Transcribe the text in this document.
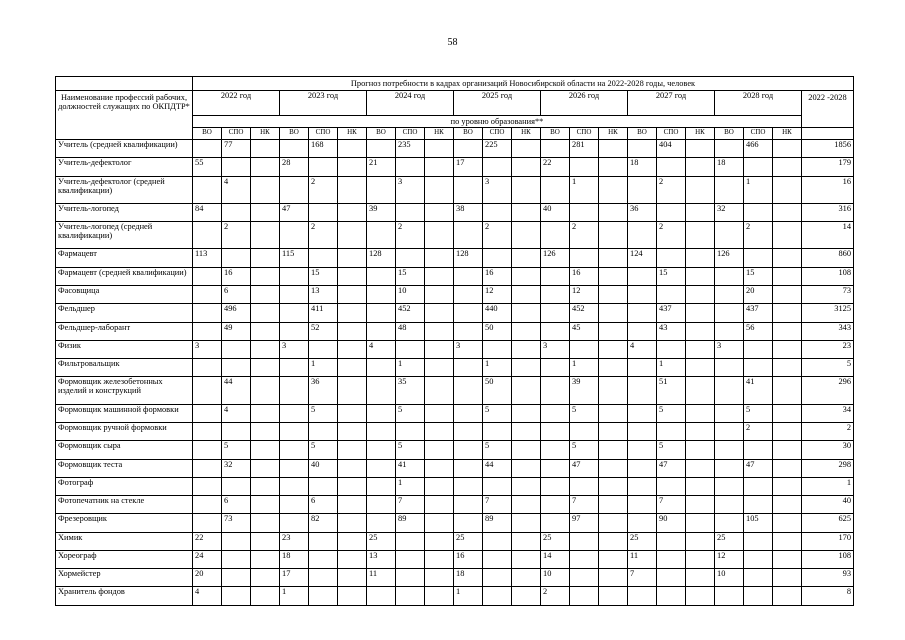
58
	Прогноз потребности в кадрах организаций Новосибирской области на 2022-2028 годы, человек																					
Наименование профессий рабочих, должностей служащих по ОКПДТР*	2022 год			2023 год			2024 год			2025 год			2026 год			2027 год			2028 год			2022 -2028
	по уровню образования**																					
	ВО	СПО	НК	ВО	СПО	НК	ВО	СПО	НК	ВО	СПО	НК	ВО	СПО	НК	ВО	СПО	НК	ВО	СПО	НК	
Учитель (средней квалификации)		77			168			235			225			281			404			466		1856
Учитель-дефектолог	55			28			21			17			22			18			18			179
Учитель-дефектолог (средней квалификации)		4			2			3			3			1			2			1		16
Учитель-логопед	84			47			39			38			40			36			32			316
Учитель-логопед (средней квалификации)		2			2			2			2			2			2			2		14
Фармацевт	113			115			128			128			126			124			126			860
Фармацевт (средней квалификации)		16			15			15			16			16			15			15		108
Фасовщица		6			13			10			12			12						20		73
Фельдшер		496			411			452			440			452			437			437		3125
Фельдшер-лаборант		49			52			48			50			45			43			56		343
Физик	3			3			4			3			3			4			3			23
Фильтровальщик					1			1			1			1			1					5
Формовщик железобетонных изделий и конструкций		44			36			35			50			39			51			41		296
Формовщик машинной формовки		4			5			5			5			5			5			5		34
Формовщик ручной формовки																				2		2
Формовщик сыра		5			5			5			5			5			5					30
Формовщик теста		32			40			41			44			47			47			47		298
Фотограф								1														1
Фотопечатник на стекле		6			6			7			7			7			7					40
Фрезеровщик		73			82			89			89			97			90			105		625
Химик	22			23			25			25			25			25			25			170
Хореограф	24			18			13			16			14			11			12			108
Хормейстер	20			17			11			18			10			7			10			93
Хранитель фондов	4			1						1			2									8
